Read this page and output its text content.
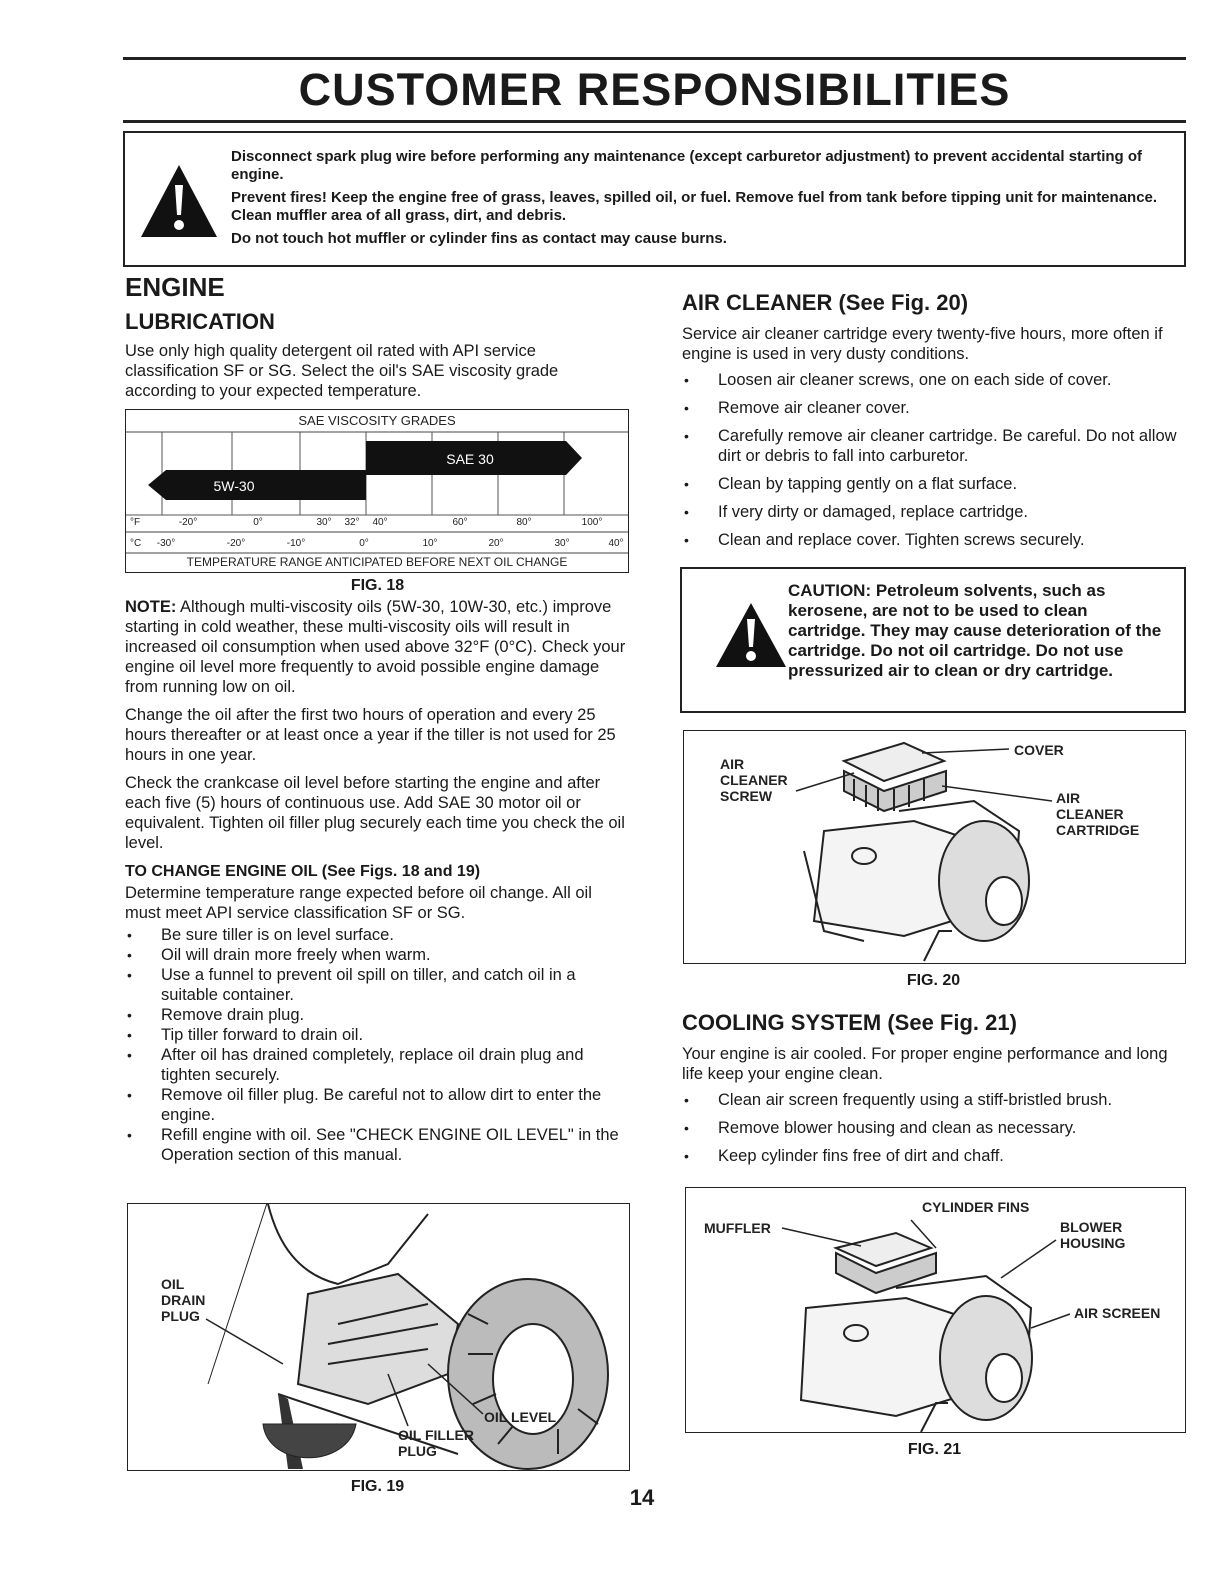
CUSTOMER RESPONSIBILITIES

Disconnect spark plug wire before performing any maintenance (except carburetor adjustment) to prevent accidental starting of engine.

Prevent fires! Keep the engine free of grass, leaves, spilled oil, or fuel. Remove fuel from tank before tipping unit for maintenance. Clean muffler area of all grass, dirt, and debris.

Do not touch hot muffler or cylinder fins as contact may cause burns.

ENGINE
LUBRICATION

Use only high quality detergent oil rated with API service classification SF or SG. Select the oil's SAE viscosity grade according to your expected temperature.

SAE VISCOSITY GRADES
SAE 30
5W-30
°F	-20°	0°	30° 32° 40°	60°	80°	100°
°C -30°	-20°	-10°	0°	10°	20°	30°	40°
TEMPERATURE RANGE ANTICIPATED BEFORE NEXT OIL CHANGE
FIG. 18

NOTE: Although multi-viscosity oils (5W-30, 10W-30, etc.) improve starting in cold weather, these multi-viscosity oils will result in increased oil consumption when used above 32°F (0°C). Check your engine oil level more frequently to avoid possible engine damage from running low on oil.

Change the oil after the first two hours of operation and every 25 hours thereafter or at least once a year if the tiller is not used for 25 hours in one year.

Check the crankcase oil level before starting the engine and after each five (5) hours of continuous use. Add SAE 30 motor oil or equivalent. Tighten oil filler plug securely each time you check the oil level.

TO CHANGE ENGINE OIL (See Figs. 18 and 19)

Determine temperature range expected before oil change. All oil must meet API service classification SF or SG.

• Be sure tiller is on level surface.
• Oil will drain more freely when warm.
• Use a funnel to prevent oil spill on tiller, and catch oil in a suitable container.
• Remove drain plug.
• Tip tiller forward to drain oil.
• After oil has drained completely, replace oil drain plug and tighten securely.
• Remove oil filler plug. Be careful not to allow dirt to enter the engine.
• Refill engine with oil. See "CHECK ENGINE OIL LEVEL" in the Operation section of this manual.
OIL DRAIN PLUG
OIL LEVEL
OIL FILLER PLUG
FIG. 19
AIR CLEANER (See Fig. 20)

Service air cleaner cartridge every twenty-five hours, more often if engine is used in very dusty conditions.

• Loosen air cleaner screws, one on each side of cover.
• Remove air cleaner cover.
• Carefully remove air cleaner cartridge. Be careful. Do not allow dirt or debris to fall into carburetor.
• Clean by tapping gently on a flat surface.
• If very dirty or damaged, replace cartridge.
• Clean and replace cover. Tighten screws securely.

CAUTION: Petroleum solvents, such as kerosene, are not to be used to clean cartridge. They may cause deterioration of the cartridge. Do not oil cartridge. Do not use pressurized air to clean or dry cartridge.

AIR CLEANER SCREW
COVER
AIR CLEANER CARTRIDGE
FIG. 20
COOLING SYSTEM (See Fig. 21)

Your engine is air cooled. For proper engine performance and long life keep your engine clean.

• Clean air screen frequently using a stiff-bristled brush.
• Remove blower housing and clean as necessary.
• Keep cylinder fins free of dirt and chaff.
CYLINDER FINS
MUFFLER	BLOWER HOUSING
AIR SCREEN
FIG. 21
14
